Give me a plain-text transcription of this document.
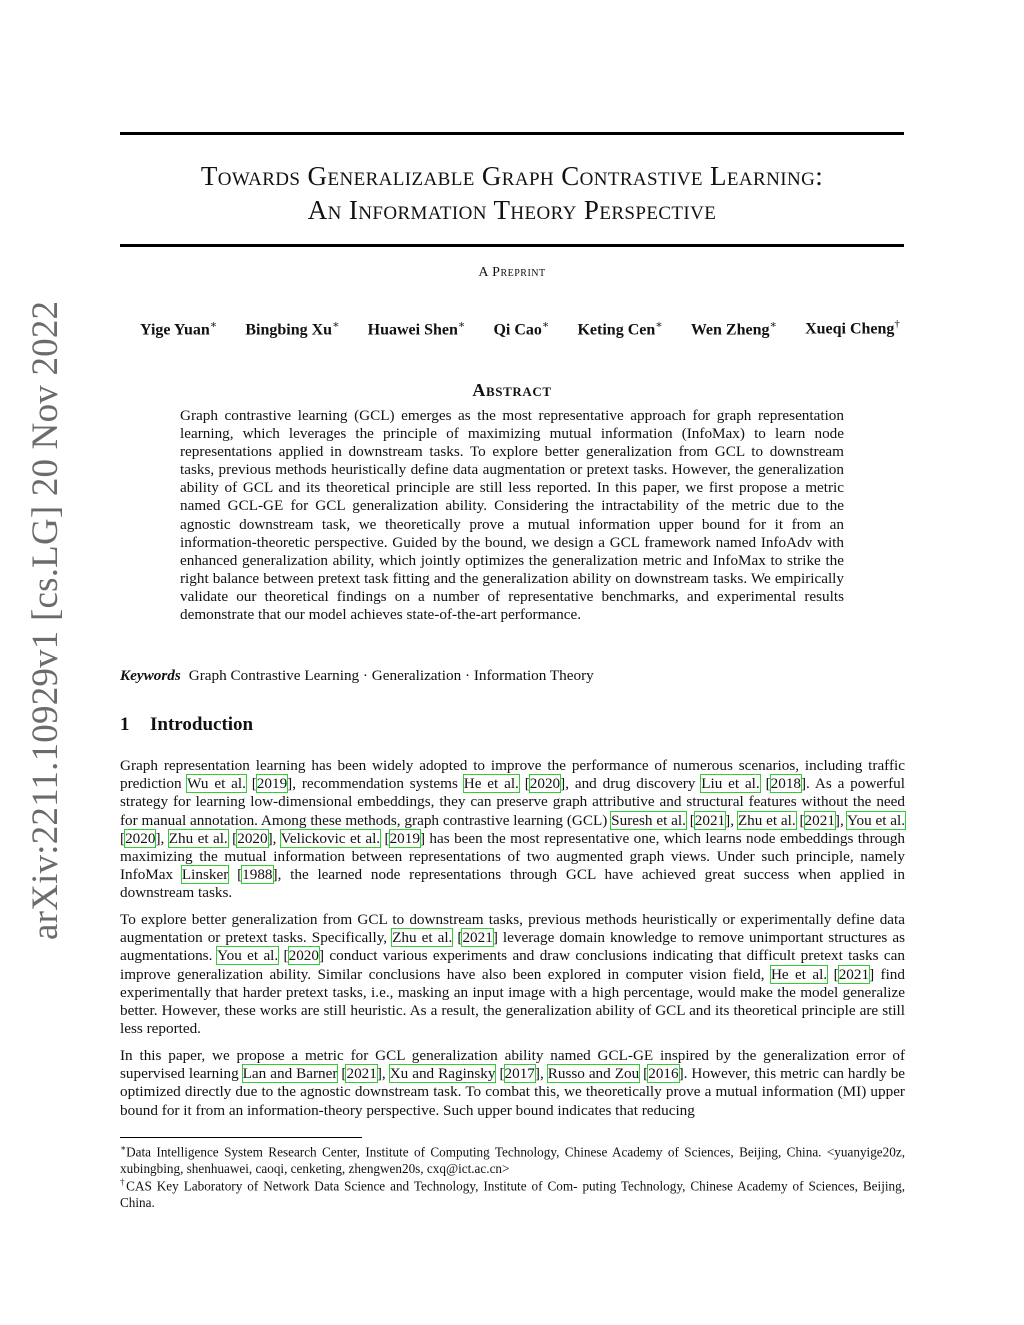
arXiv:2211.10929v1 [cs.LG] 20 Nov 2022
Towards Generalizable Graph Contrastive Learning:
An Information Theory Perspective
A Preprint
Yige Yuan∗ Bingbing Xu∗ Huawei Shen∗ Qi Cao∗ Keting Cen∗ Wen Zheng∗ Xueqi Cheng†
Abstract
Graph contrastive learning (GCL) emerges as the most representative approach for graph representation learning, which leverages the principle of maximizing mutual information (InfoMax) to learn node representations applied in downstream tasks. To explore better generalization from GCL to downstream tasks, previous methods heuristically define data augmentation or pretext tasks. However, the generalization ability of GCL and its theoretical principle are still less reported. In this paper, we first propose a metric named GCL-GE for GCL generalization ability. Considering the intractability of the metric due to the agnostic downstream task, we theoretically prove a mutual information upper bound for it from an information-theoretic perspective. Guided by the bound, we design a GCL framework named InfoAdv with enhanced generalization ability, which jointly optimizes the generalization metric and InfoMax to strike the right balance between pretext task fitting and the generalization ability on downstream tasks. We empirically validate our theoretical findings on a number of representative benchmarks, and experimental results demonstrate that our model achieves state-of-the-art performance.
Keywords Graph Contrastive Learning · Generalization · Information Theory
1 Introduction

Graph representation learning has been widely adopted to improve the performance of numerous scenarios, including traffic prediction Wu et al. [2019], recommendation systems He et al. [2020], and drug discovery Liu et al. [2018]. As a powerful strategy for learning low-dimensional embeddings, they can preserve graph attributive and structural features without the need for manual annotation. Among these methods, graph contrastive learning (GCL) Suresh et al. [2021], Zhu et al. [2021], You et al. [2020], Zhu et al. [2020], Velickovic et al. [2019] has been the most representative one, which learns node embeddings through maximizing the mutual information between representations of two augmented graph views. Under such principle, namely InfoMax Linsker [1988], the learned node representations through GCL have achieved great success when applied in downstream tasks.

To explore better generalization from GCL to downstream tasks, previous methods heuristically or experimentally define data augmentation or pretext tasks. Specifically, Zhu et al. [2021] leverage domain knowledge to remove unimportant structures as augmentations. You et al. [2020] conduct various experiments and draw conclusions indicating that difficult pretext tasks can improve generalization ability. Similar conclusions have also been explored in computer vision field, He et al. [2021] find experimentally that harder pretext tasks, i.e., masking an input image with a high percentage, would make the model generalize better. However, these works are still heuristic. As a result, the generalization ability of GCL and its theoretical principle are still less reported.

In this paper, we propose a metric for GCL generalization ability named GCL-GE inspired by the generalization error of supervised learning Lan and Barner [2021], Xu and Raginsky [2017], Russo and Zou [2016]. However, this metric can hardly be optimized directly due to the agnostic downstream task. To combat this, we theoretically prove a mutual information (MI) upper bound for it from an information-theory perspective. Such upper bound indicates that reducing

∗Data Intelligence System Research Center, Institute of Computing Technology, Chinese Academy of Sciences, Beijing, China. <yuanyige20z, xubingbing, shenhuawei, caoqi, cenketing, zhengwen20s, cxq@ict.ac.cn>

†CAS Key Laboratory of Network Data Science and Technology, Institute of Com- puting Technology, Chinese Academy of Sciences, Beijing, China.
